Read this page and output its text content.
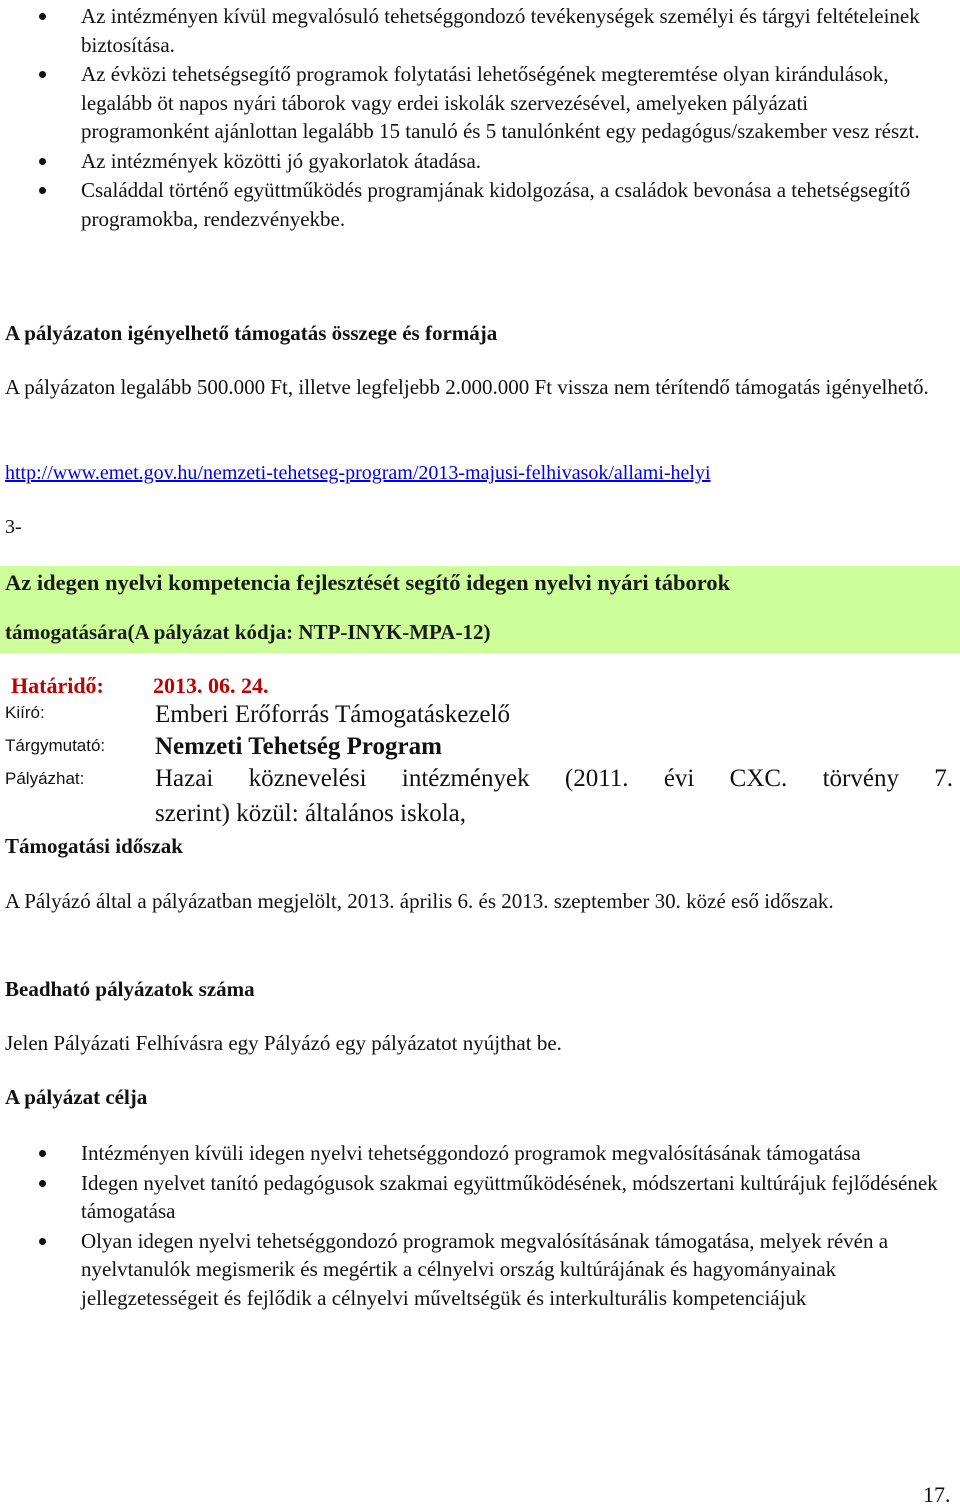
Az intézményen kívül megvalósuló tehetséggondozó tevékenységek személyi és tárgyi feltételeinek biztosítása.
Az évközi tehetségsegítő programok folytatási lehetőségének megteremtése olyan kirándulások, legalább öt napos nyári táborok vagy erdei iskolák szervezésével, amelyeken pályázati programonként ajánlottan legalább 15 tanuló és 5 tanulónként egy pedagógus/szakember vesz részt.
Az intézmények közötti jó gyakorlatok átadása.
Családdal történő együttműködés programjának kidolgozása, a családok bevonása a tehetségsegítő programokba, rendezvényekbe.
A pályázaton igényelhető támogatás összege és formája
A pályázaton legalább 500.000 Ft, illetve legfeljebb 2.000.000 Ft vissza nem térítendő támogatás igényelhető.
http://www.emet.gov.hu/nemzeti-tehetseg-program/2013-majusi-felhivasok/allami-helyi
3-
Az idegen nyelvi kompetencia fejlesztését segítő idegen nyelvi nyári táborok
támogatására(A pályázat kódja: NTP-INYK-MPA-12)
Határidő: 2013. 06. 24.
Kiíró:	Emberi Erőforrás Támogatáskezelő
Tárgymutató: Nemzeti Tehetség Program
Pályázhat:	Hazai köznevelési intézmények (2011. évi CXC. törvény 7.
szerint) közül: általános iskola,
Támogatási időszak
A Pályázó által a pályázatban megjelölt, 2013. április 6. és 2013. szeptember 30. közé eső időszak.
Beadható pályázatok száma
Jelen Pályázati Felhívásra egy Pályázó egy pályázatot nyújthat be.
A pályázat célja
Intézményen kívüli idegen nyelvi tehetséggondozó programok megvalósításának támogatása
Idegen nyelvet tanító pedagógusok szakmai együttműködésének, módszertani kultúrájuk fejlődésének támogatása
Olyan idegen nyelvi tehetséggondozó programok megvalósításának támogatása, melyek révén a nyelvtanulók megismerik és megértik a célnyelvi ország kultúrájának és hagyományainak jellegzetességeit és fejlődik a célnyelvi műveltségük és interkulturális kompetenciájuk
17.
